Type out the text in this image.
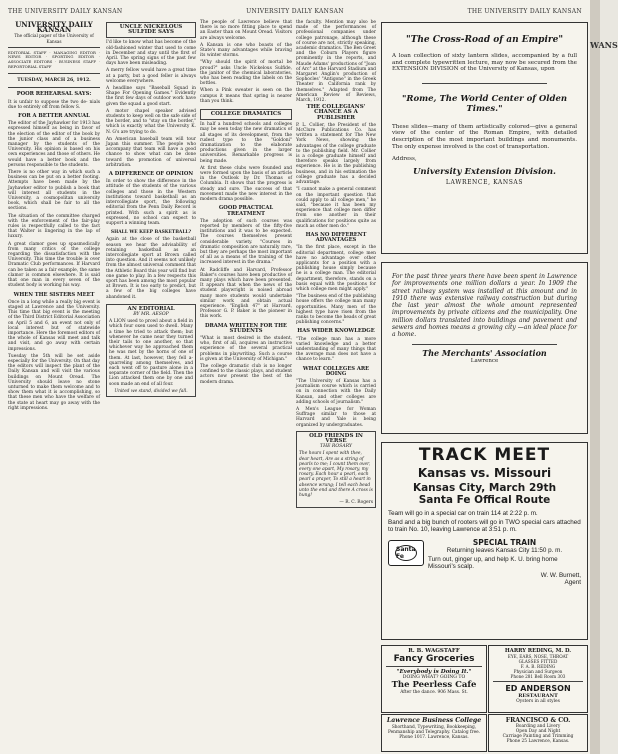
THE UNIVERSITY DAILY KANSAN	UNIVERSITY DAILY KANSAN	THE UNIVERSITY DAILY KANSAN
UNIVERSITY DAILY KANSAN
The official paper of the University of Kansas
EDITORIAL STAFF · MANAGING EDITOR · NEWS EDITOR · SPORTING EDITOR · ASSOCIATE EDITORS · BUSINESS STAFF · REPORTORIAL STAFF
TUESDAY, MARCH 26, 1912.
POOR REHEARSAL SAYS:
It is unfair to suppose the two de- nials due to entirely off from fellow S.
FOR A BETTER ANNUAL
The editor of the Jayhawker for 1913 has expressed himself as being in favor of the election of the editor of the book by the junior class and of a business manager by the students of the University. His opinion is based on his own experiences and those of others. He would have a better book and the persons responsible to the students.
There is no other way in which such a business can be put on a better footing. Attempts have been made by the Jayhawker editor to publish a book that will interest all students in the University, a cosmopolitan university book, which shall be fair to all the sections.
The situation of the committee charged with the enforcement of the fair-play rules is respectfully called to the fact that Walter is lingering in the lap of luxury.
A great clamor goes up spasmodically from many critics of the college regarding the dissatisfaction with the University. This time the trouble is over Dramatic Club performances. If Harvard can be taken as a fair example, the same clamor is common elsewhere. It is said that one man in every seven of the student body is working his way.
WHEN THE SISTERS MEET
Once in a long while a really big event is staged at Lawrence and the University. This time that big event is the meeting of the Third District Editorial Association on April 5 and 6, an event not only of local interest but of statewide importance. Here the foremost editors of the whole of Kansas will meet and talk and visit, and go away with certain impressions.
Tuesday the 5th will be set aside especially for the University. On that day the editors will inspect the plant of the Daily Kansan and will visit the various buildings on Mount Oread. The University should leave no stone unturned to make them welcome and to show them what it is accomplishing, so that these men who have the welfare of the state at heart may go away with the right impressions.
UNCLE NICKELOUS SULFIDE SAYS
I'd like to know what has become of the old-fashioned winter that used to come in December and stay until the first of April. The spring signs of the past few days have been misleading.
A merry fellow would have a great time at a party, but a good feller is always welcome everywhere.
A headline says "Baseball Squad in Shape For Opening Games." Evidently the first few days of outdoor work have given the squad a good start.
A motor chapel speaker advised students to keep well on the safe side of the border, and to "stay on the border," which is exactly what the University K. N. G's are trying to do.
An American baseball team will tour Japan this summer. The people who accompany that team will have a good chance to show what can be done toward the promotion of universal arbitration.
A DIFFERENCE OF OPINION
In order to show the difference in the attitude of the students of the various colleges and those in the Western institutions toward basketball as an intercollegiate sport, the following editorial from the Penn Daily Record is printed. With such a spirit as is expressed, no school can expect to support a winning team.
SHALL WE KEEP BASKETBALL?
Again at the close of the basketball season we hear the advisability of retaining basketball as an intercollegiate sport at Brown called into question. And it seems not unlikely from the almost universal comment that the Athletic Board this year will find but one game to play. In a few respects this sport has been among the most popular at Brown. It is too early to predict, but a few of the big colleges have abandoned it.
AN EDITORIAL
BY MR. AESOP
A LION used to prowl about a field in which four oxen used to dwell. Many a time he tried to attack them; but whenever he came near they turned their tails to one another, so that whichever way he approached them he was met by the horns of one of them. At last, however, they fell a-quarreling among themselves, and each went off to pasture alone in a separate corner of the field. Then the Lion attacked them one by one and soon made an end of all four.
United we stand, divided we fall.
The people of Lawrence believe that there is no more fitting place to spend an Easter than on Mount Oread. Visitors are always welcome.
A Kansan is one who boasts of the State's many advantages while braving its winter storms.
"Why should the spirit of mortal be proud?" asks Uncle Nickelous Sulfide, the janitor of the chemical laboratories, who has been reading the labels on the bottles.
When a Pink sweater is seen on the campus it means that spring is nearer than you think.
COLLEGE DRAMATICS
In half a hundred schools and colleges may be seen today the new dramatics of all stages of its development, from the rudest type to the "Goldoni" dramatization to the elaborate productions given in the larger universities. Remarkable progress is being made.
At first these clubs were founded and were formed upon the basis of an article in the Outlook by Dr. Thomas of Columbia. It shows that the progress is steady and sure. The success of that movement made the new interest in the modern drama possible.
GOOD PRACTICAL TREATMENT
The adoption of such courses was reported by members of the fifty-five institutions and it was to be expected. The courses themselves present considerable variety. "Courses in dramatic composition are naturally rare, but they are perhaps the most important of all as a means of the training of the increased interest in the drama."
At Radcliffe and Harvard, Professor Baker's courses have been productive of many plays which have been presented. It appears that when the news of the student playwright is noised abroad many more students would undertake similar work and obtain actual experience. "English 47" at Harvard, Professor G. P. Baker is the pioneer in this work.
DRAMA WRITTEN FOR THE STUDENTS
"What is most desired is the student, who, first of all, acquires an instructive experience of the several practical problems in playwriting. Such a course is given at the University of Michigan."
The college dramatic club is no longer confined to the classic plays, and student actors now present the best of the modern drama.
the faculty. Mention may also be made of the performances of professional companies under college patronage, although these of course are not, strictly speaking, academic dramatics. The Ben Greet and the Coburn Players figure prominently in the reports, and Maude Adams' productions of "Joan of Arc" at the Harvard Stadium and Margaret Anglin's production of Sophocles' "Antigone" in the Greek Theater in California rank by themselves." Adapted from The American Review of Reviews, March, 1912.
THE COLLEGIANS' CHANCE AS A PUBLISHER
P. L. Collier, the President of the McClure Publications Co. has written a statement for The New York News, showing the advantages of the college graduate to the publishing field. Mr. Collier is a college graduate himself and therefore speaks largely from experience. He is in the publishing business, and in his estimation the college graduate has a decided advantage.
"I cannot make a general comment on the important question that could apply to all college men," he said, "because it has been my experience that college men differ from one another in their qualifications for positions quite as much as other men do."
HAS NO DIFFERENT ADVANTAGES
"In the first place, except in the editorial department, college men have no advantage over other applicants for a position with a publishing house simply because he is a college man. The editorial department, therefore, stands on a basis equal with the positions for which college men might apply."
"The business end of the publishing house offers the college man many opportunities. Many men of the highest type have risen from the ranks to become the heads of great publishing concerns."
HAS WIDER KNOWLEDGE
"The college man has a more varied knowledge and a better understanding of many things that the average man does not have a chance to learn."
WHAT COLLEGES ARE DOING
"The University of Kansas has a journalism course which is carried on in connection with the Daily Kansan, and other colleges are adding schools of journalism."
A Men's League for Woman Suffrage similar to those at Harvard and Yale is being organized by undergraduates.
OLD FRIENDS IN VERSE
THE ROSARY
The hours I spent with thee, dear heart, Are as a string of pearls to me; I count them over, every one apart, My rosary, my rosary. Each hour a pearl, each pearl a prayer, To still a heart in absence wrung; I tell each bead unto the end and there A cross is hung!
— R. C. Rogers
"The Cross-Road of an Empire"
A loan collection of sixty lantern slides, accompanied by a full and complete typewritten lecture, may now be secured from the EXTENSION DIVISION of the University of Kansas, upon
"Rome, The World Center of Olden Times."
These slides—many of them artistically colored—give a general view of the center of the Roman Empire, with detailed description of the most important buildings and monuments. The only expense involved is the cost of transportation.
Address,
University Extension Division.
LAWRENCE, KANSAS
For the past three years there have been spent in Lawrence for improvements one million dollars a year. In 1909 the street railway system was installed at this amount and in 1910 there was extensive railway construction but during the last year almost the whole amount represented improvements by private citizens and the municipality. One million dollars translated into buildings and pavement and sewers and homes means a growing city —an ideal place for a home.
The Merchants' Association
Lawrence
TRACK MEET
Kansas vs. Missouri
Kansas City, March 29th
Santa Fe Offical Route
Team will go in a special car on train 114 at 2:22 p. m.
Band and a big bunch of rooters will go in TWO special cars attached to train No. 10, leaving Lawrence at 3:51 p. m.
Santa Fe
SPECIAL TRAIN
Returning leaves Kansas City 11:50 p. m.
Turn out, ginger up, and help K. U. bring home Missouri's scalp.
W. W. Burnett,
Agent
R. B. WAGSTAFF
Fancy Groceries
"Everybody is Doing It."
DOING WHAT? GOING TO
The Peerless Cafe
After the dance. 906 Mass. St.
HARRY REDING, M. D.
EYE, EARS, NOSE, THROAT
GLASSES FITTED
F. A. B. REDING
Physician and Surgeon
Phone 281 Bell Room 303
ED ANDERSON
RESTAURANT
Oysters in all styles
Lawrence Business College
Shorthand, Typewriting, Bookkeeping, Penmanship and Telegraphy. Catalog free. Phone 1017. Lawrence, Kansas.
FRANCISCO & CO.
Boarding and Livery
Open Day and Night
Carriage Painting and Trimming
Phone 25 Lawrence, Kansas.
WANS
